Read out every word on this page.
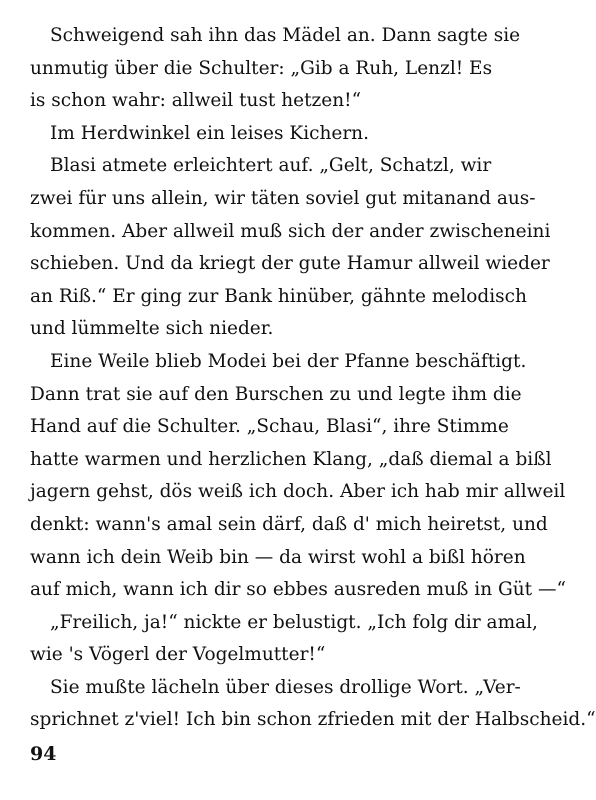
Schweigend sah ihn das Mädel an. Dann sagte sie
unmutig über die Schulter: „Gib a Ruh, Lenzl! Es
is schon wahr: allweil tust hetzen!“
Im Herdwinkel ein leises Kichern.
Blasi atmete erleichtert auf. „Gelt, Schatzl, wir
zwei für uns allein, wir täten soviel gut mitanand aus-
kommen. Aber allweil muß sich der ander zwischeneini
schieben. Und da kriegt der gute Hamur allweil wieder
an Riß.“ Er ging zur Bank hinüber, gähnte melodisch
und lümmelte sich nieder.
Eine Weile blieb Modei bei der Pfanne beschäftigt.
Dann trat sie auf den Burschen zu und legte ihm die
Hand auf die Schulter. „Schau, Blasi“, ihre Stimme
hatte warmen und herzlichen Klang, „daß diemal a bißl
jagern gehst, dös weiß ich doch. Aber ich hab mir allweil
denkt: wann's amal sein därf, daß d' mich heiretst, und
wann ich dein Weib bin — da wirst wohl a bißl hören
auf mich, wann ich dir so ebbes ausreden muß in Güt —“
„Freilich, ja!“ nickte er belustigt. „Ich folg dir amal,
wie 's Vögerl der Vogelmutter!“
Sie mußte lächeln über dieses drollige Wort. „Ver-
sprichnet z'viel! Ich bin schon zfrieden mit der Halbscheid.“
94
